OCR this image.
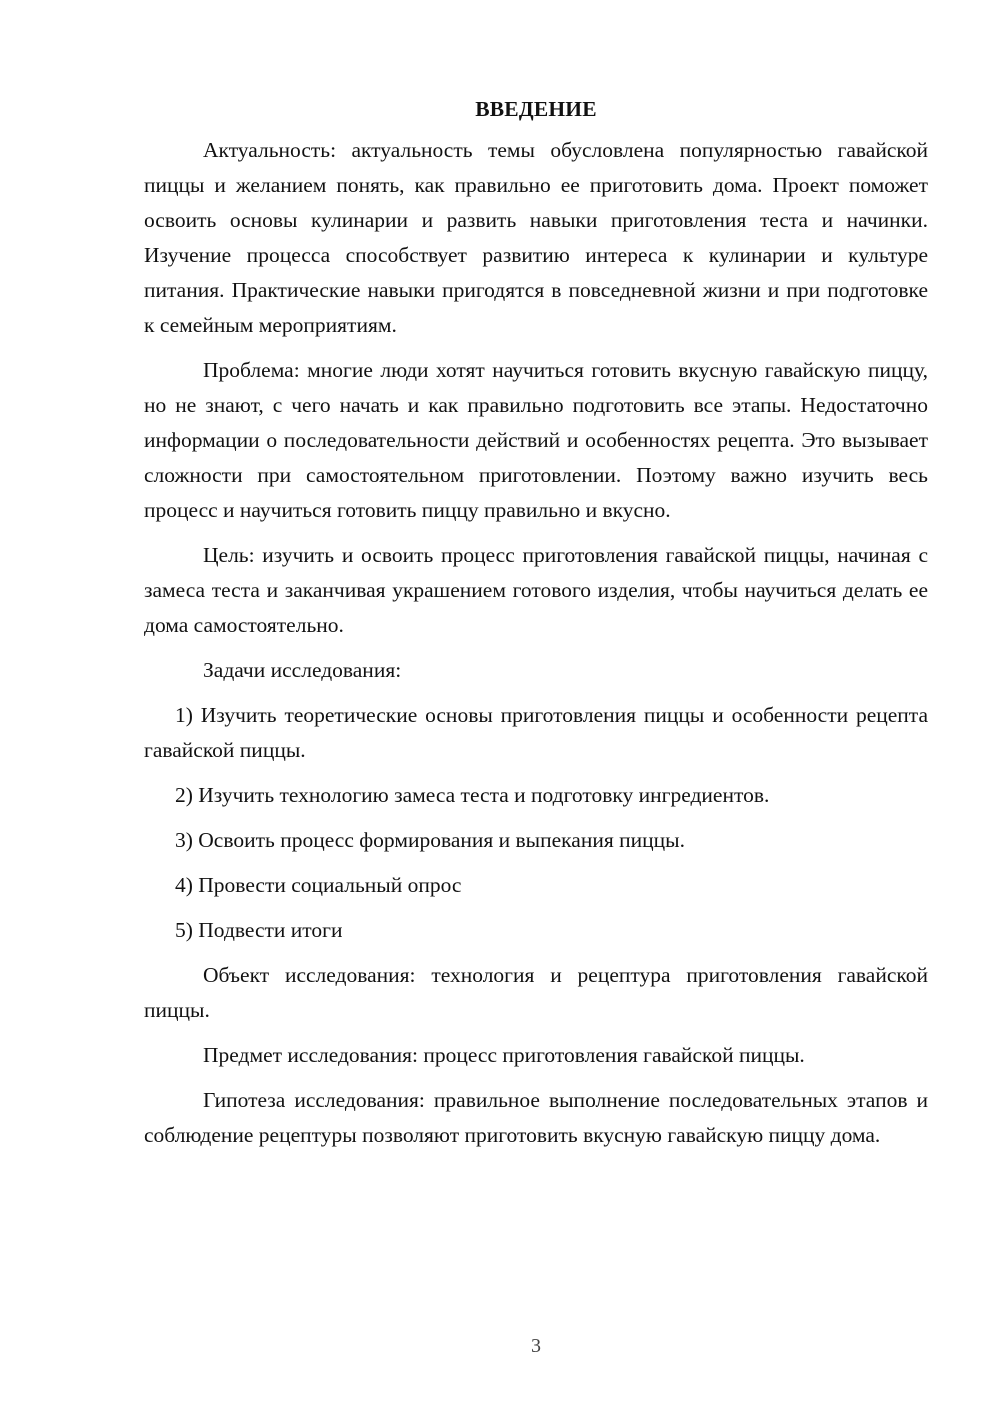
ВВЕДЕНИЕ

Актуальность: актуальность темы обусловлена популярностью гавайской пиццы и желанием понять, как правильно ее приготовить дома. Проект поможет освоить основы кулинарии и развить навыки приготовления теста и начинки. Изучение процесса способствует развитию интереса к кулинарии и культуре питания. Практические навыки пригодятся в повседневной жизни и при подготовке к семейным мероприятиям.

Проблема: многие люди хотят научиться готовить вкусную гавайскую пиццу, но не знают, с чего начать и как правильно подготовить все этапы. Недостаточно информации о последовательности действий и особенностях рецепта. Это вызывает сложности при самостоятельном приготовлении. Поэтому важно изучить весь процесс и научиться готовить пиццу правильно и вкусно.

Цель: изучить и освоить процесс приготовления гавайской пиццы, начиная с замеса теста и заканчивая украшением готового изделия, чтобы научиться делать ее дома самостоятельно.

Задачи исследования:

1) Изучить теоретические основы приготовления пиццы и особенности рецепта гавайской пиццы.

2) Изучить технологию замеса теста и подготовку ингредиентов.

3) Освоить процесс формирования и выпекания пиццы.

4) Провести социальный опрос

5) Подвести итоги

Объект исследования: технология и рецептура приготовления гавайской пиццы.

Предмет исследования: процесс приготовления гавайской пиццы.

Гипотеза исследования: правильное выполнение последовательных этапов и соблюдение рецептуры позволяют приготовить вкусную гавайскую пиццу дома.

3
